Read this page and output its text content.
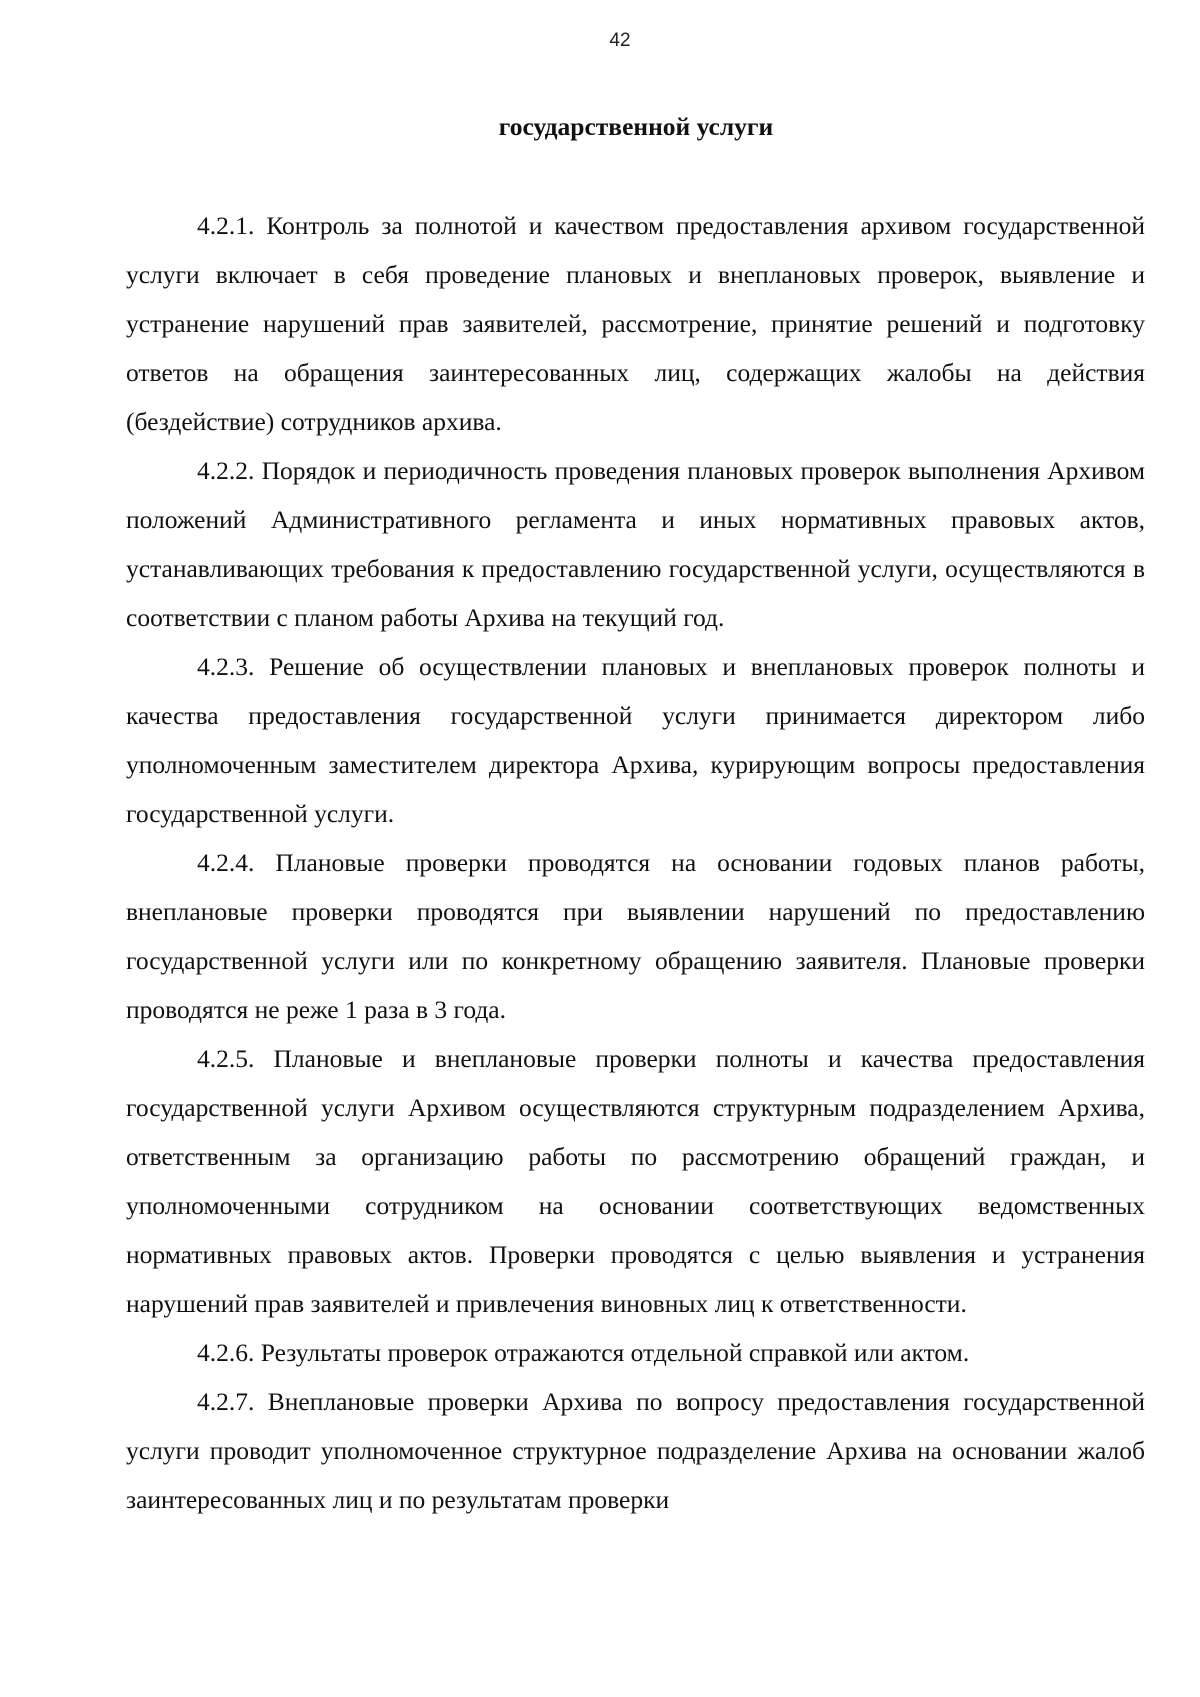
42
государственной услуги

4.2.1. Контроль за полнотой и качеством предоставления архивом государственной услуги включает в себя проведение плановых и внеплановых проверок, выявление и устранение нарушений прав заявителей, рассмотрение, принятие решений и подготовку ответов на обращения заинтересованных лиц, содержащих жалобы на действия (бездействие) сотрудников архива.

4.2.2. Порядок и периодичность проведения плановых проверок выполнения Архивом положений Административного регламента и иных нормативных правовых актов, устанавливающих требования к предоставлению государственной услуги, осуществляются в соответствии с планом работы Архива на текущий год.

4.2.3. Решение об осуществлении плановых и внеплановых проверок полноты и качества предоставления государственной услуги принимается директором либо уполномоченным заместителем директора Архива, курирующим вопросы предоставления государственной услуги.

4.2.4. Плановые проверки проводятся на основании годовых планов работы, внеплановые проверки проводятся при выявлении нарушений по предоставлению государственной услуги или по конкретному обращению заявителя. Плановые проверки проводятся не реже 1 раза в 3 года.

4.2.5. Плановые и внеплановые проверки полноты и качества предоставления государственной услуги Архивом осуществляются структурным подразделением Архива, ответственным за организацию работы по рассмотрению обращений граждан, и уполномоченными сотрудником на основании соответствующих ведомственных нормативных правовых актов. Проверки проводятся с целью выявления и устранения нарушений прав заявителей и привлечения виновных лиц к ответственности.

4.2.6. Результаты проверок отражаются отдельной справкой или актом.

4.2.7. Внеплановые проверки Архива по вопросу предоставления государственной услуги проводит уполномоченное структурное подразделение Архива на основании жалоб заинтересованных лиц и по результатам проверки
